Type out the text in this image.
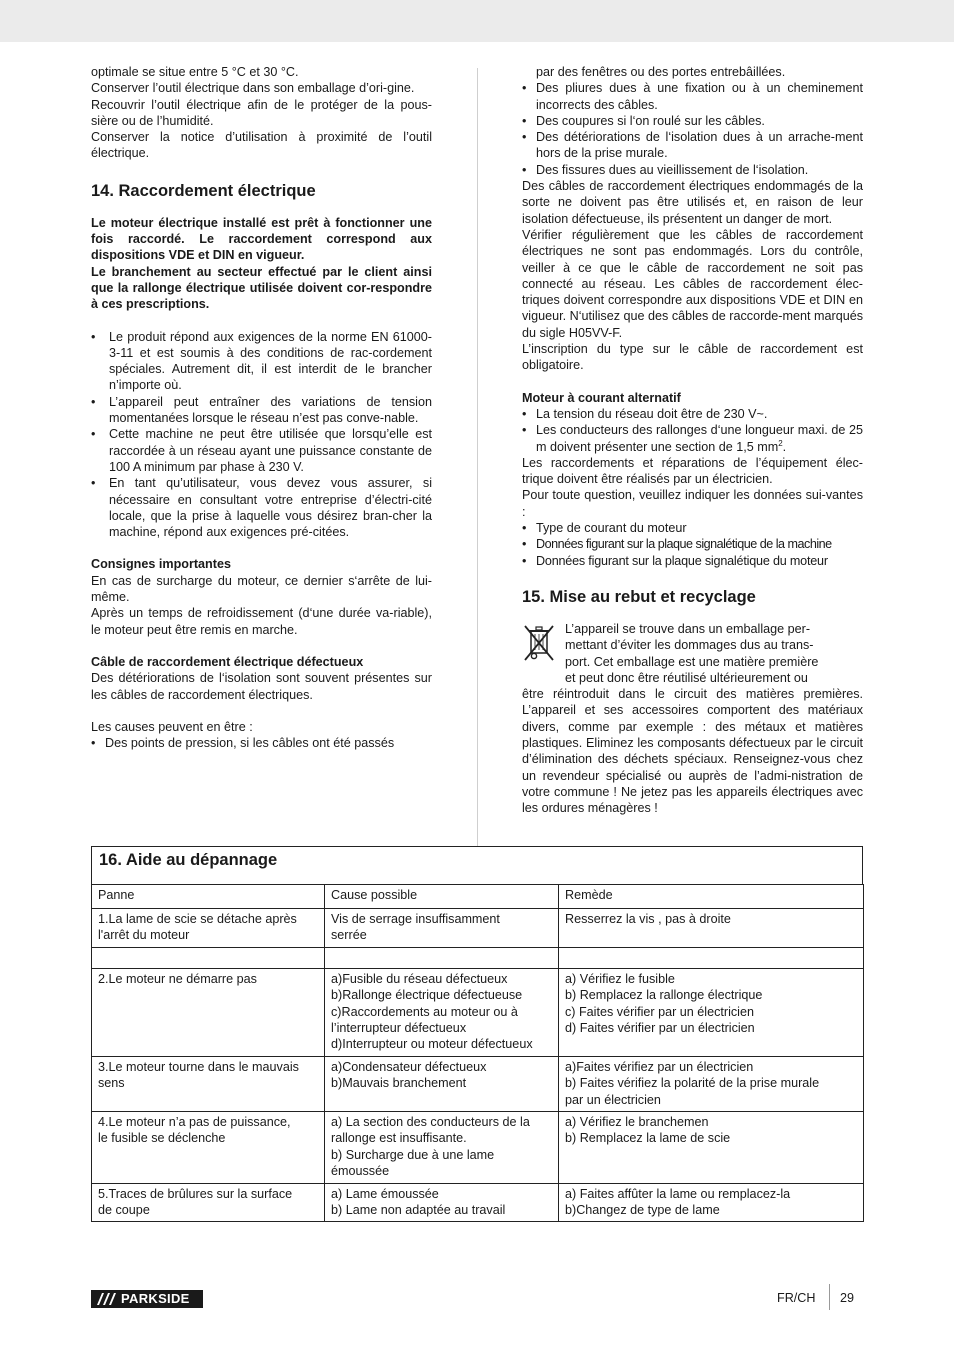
optimale se situe entre 5 °C et 30 °C.

Conserver l’outil électrique dans son emballage d’ori-gine.

Recouvrir l’outil électrique afin de le protéger de la pous-sière ou de l’humidité.

Conserver la notice d’utilisation à proximité de l’outil électrique.

14. Raccordement électrique

Le moteur électrique installé est prêt à fonctionner une fois raccordé. Le raccordement correspond aux dispositions VDE et DIN en vigueur.

Le branchement au secteur effectué par le client ainsi que la rallonge électrique utilisée doivent cor-respondre à ces prescriptions.

• Le produit répond aux exigences de la norme EN 61000-3-11 et est soumis à des conditions de rac-cordement spéciales. Autrement dit, il est interdit de le brancher n’importe où.
• L’appareil peut entraîner des variations de tension momentanées lorsque le réseau n’est pas conve-nable.
• Cette machine ne peut être utilisée que lorsqu’elle est raccordée à un réseau ayant une puissance constante de 100 A minimum par phase à 230 V.
• En tant qu’utilisateur, vous devez vous assurer, si nécessaire en consultant votre entreprise d’électri-cité locale, que la prise à laquelle vous désirez bran-cher la machine, répond aux exigences pré-citées.

Consignes importantes

En cas de surcharge du moteur, ce dernier s‘arrête de lui-même.

Après un temps de refroidissement (d‘une durée va-riable), le moteur peut être remis en marche.

Câble de raccordement électrique défectueux

Des détériorations de l‘isolation sont souvent présentes sur les câbles de raccordement électriques.

Les causes peuvent en être :

• Des points de pression, si les câbles ont été passés

par des fenêtres ou des portes entrebâillées.

• Des pliures dues à une fixation ou à un cheminement incorrects des câbles.
• Des coupures si l‘on roulé sur les câbles.
• Des détériorations de l‘isolation dues à un arrache-ment hors de la prise murale.
• Des fissures dues au vieillissement de l‘isolation.

Des câbles de raccordement électriques endommagés de la sorte ne doivent pas être utilisés et, en raison de leur isolation défectueuse, ils présentent un danger de mort.

Vérifier régulièrement que les câbles de raccordement électriques ne sont pas endommagés. Lors du contrôle, veiller à ce que le câble de raccordement ne soit pas connecté au réseau. Les câbles de raccordement élec-triques doivent correspondre aux dispositions VDE et DIN en vigueur. N‘utilisez que des câbles de raccorde-ment marqués du sigle H05VV-F.

L’inscription du type sur le câble de raccordement est obligatoire.

Moteur à courant alternatif

• La tension du réseau doit être de 230 V~.
• Les conducteurs des rallonges d‘une longueur maxi. de 25 m doivent présenter une section de 1,5 $mm^2$.

Les raccordements et réparations de l’équipement élec-trique doivent être réalisés par un électricien.

Pour toute question, veuillez indiquer les données sui-vantes :

• Type de courant du moteur
• Données figurant sur la plaque signalétique de la machine
• Données figurant sur la plaque signalétique du moteur
15. Mise au rebut et recyclage

L’appareil se trouve dans un emballage per-

mettant d’éviter les dommages dus au trans-

port. Cet emballage est une matière première

et peut donc être réutilisé ultérieurement ou

être réintroduit dans le circuit des matières premières. L’appareil et ses accessoires comportent des matériaux divers, comme par exemple : des métaux et matières plastiques. Eliminez les composants défectueux par le circuit d’élimination des déchets spéciaux. Renseignez-vous chez un revendeur spécialisé ou auprès de l’admi-nistration de votre commune ! Ne jetez pas les appareils électriques avec les ordures ménagères !

16. Aide au dépannage
Panne	Cause possible	Remède
1.La lame de scie se détache après
l'arrêt du moteur	Vis de serrage insuffisamment
serrée	Resserrez la vis , pas à droite

2.Le moteur ne démarre pas	a)Fusible du réseau défectueux
b)Rallonge électrique défectueuse
c)Raccordements au moteur ou à
l’interrupteur défectueux
d)Interrupteur ou moteur défectueux	a) Vérifiez le fusible
b) Remplacez la rallonge électrique
c) Faites vérifier par un électricien
d) Faites vérifier par un électricien
3.Le moteur tourne dans le mauvais
sens	a)Condensateur défectueux
b)Mauvais branchement	a)Faites vérifiez par un électricien
b) Faites vérifiez la polarité de la prise murale
par un électricien
4.Le moteur n’a pas de puissance,
le fusible se déclenche	a) La section des conducteurs de la
rallonge est insuffisante.
b) Surcharge due à une lame
émoussée	a) Vérifiez le branchemen
b) Remplacez la lame de scie
5.Traces de brûlures sur la surface
de coupe	a) Lame émoussée
b) Lame non adaptée au travail	a) Faites affûter la lame ou remplacez-la
b)Changez de type de lame
PARKSIDE	FR/CH 29
